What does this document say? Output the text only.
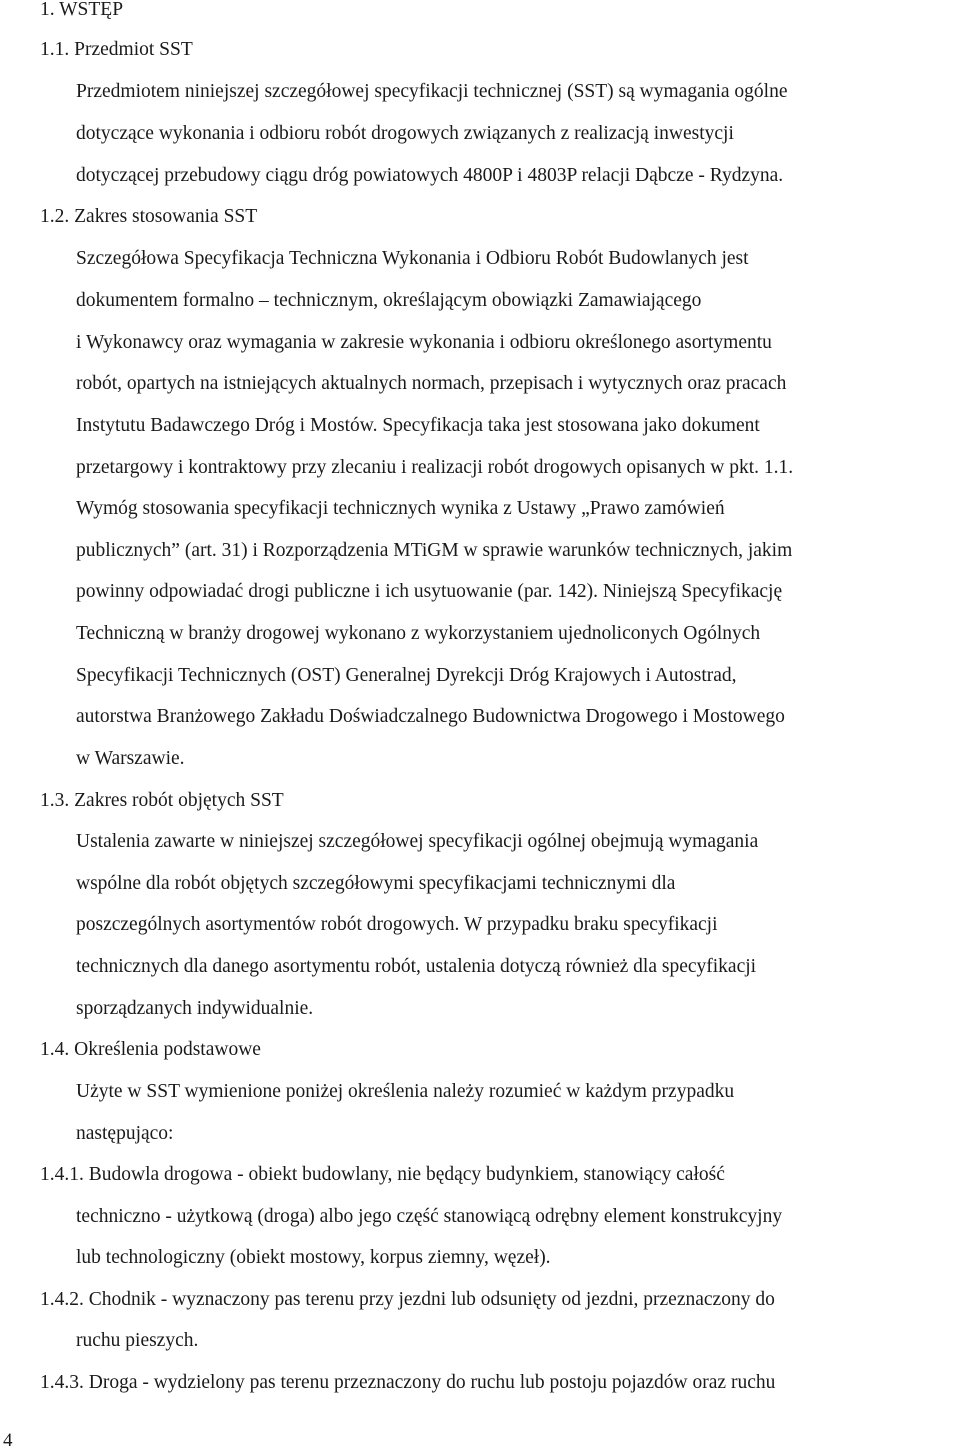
1. WSTĘP
1.1. Przedmiot SST
Przedmiotem niniejszej szczegółowej specyfikacji technicznej (SST) są wymagania ogólne
dotyczące wykonania i odbioru robót drogowych związanych z realizacją inwestycji
dotyczącej przebudowy ciągu dróg powiatowych 4800P i 4803P relacji Dąbcze - Rydzyna.
1.2. Zakres stosowania SST
Szczegółowa Specyfikacja Techniczna Wykonania i Odbioru Robót Budowlanych jest
dokumentem formalno – technicznym, określającym obowiązki Zamawiającego
i Wykonawcy oraz wymagania w zakresie wykonania i odbioru określonego asortymentu
robót, opartych na istniejących aktualnych normach, przepisach i wytycznych oraz pracach
Instytutu Badawczego Dróg i Mostów. Specyfikacja taka jest stosowana jako dokument
przetargowy i kontraktowy przy zlecaniu i realizacji robót drogowych opisanych w pkt. 1.1.
Wymóg stosowania specyfikacji technicznych wynika z Ustawy „Prawo zamówień
publicznych” (art. 31) i Rozporządzenia MTiGM w sprawie warunków technicznych, jakim
powinny odpowiadać drogi publiczne i ich usytuowanie (par. 142). Niniejszą Specyfikację
Techniczną w branży drogowej wykonano z wykorzystaniem ujednoliconych Ogólnych
Specyfikacji Technicznych (OST) Generalnej Dyrekcji Dróg Krajowych i Autostrad,
autorstwa Branżowego Zakładu Doświadczalnego Budownictwa Drogowego i Mostowego
w Warszawie.
1.3. Zakres robót objętych SST
Ustalenia zawarte w niniejszej szczegółowej specyfikacji ogólnej obejmują wymagania
wspólne dla robót objętych szczegółowymi specyfikacjami technicznymi dla
poszczególnych asortymentów robót drogowych. W przypadku braku specyfikacji
technicznych dla danego asortymentu robót, ustalenia dotyczą również dla specyfikacji
sporządzanych indywidualnie.
1.4. Określenia podstawowe
Użyte w SST wymienione poniżej określenia należy rozumieć w każdym przypadku
następująco:
1.4.1. Budowla drogowa - obiekt budowlany, nie będący budynkiem, stanowiący całość
techniczno - użytkową (droga) albo jego część stanowiącą odrębny element konstrukcyjny
lub technologiczny (obiekt mostowy, korpus ziemny, węzeł).
1.4.2. Chodnik - wyznaczony pas terenu przy jezdni lub odsunięty od jezdni, przeznaczony do
ruchu pieszych.
1.4.3. Droga - wydzielony pas terenu przeznaczony do ruchu lub postoju pojazdów oraz ruchu
4
